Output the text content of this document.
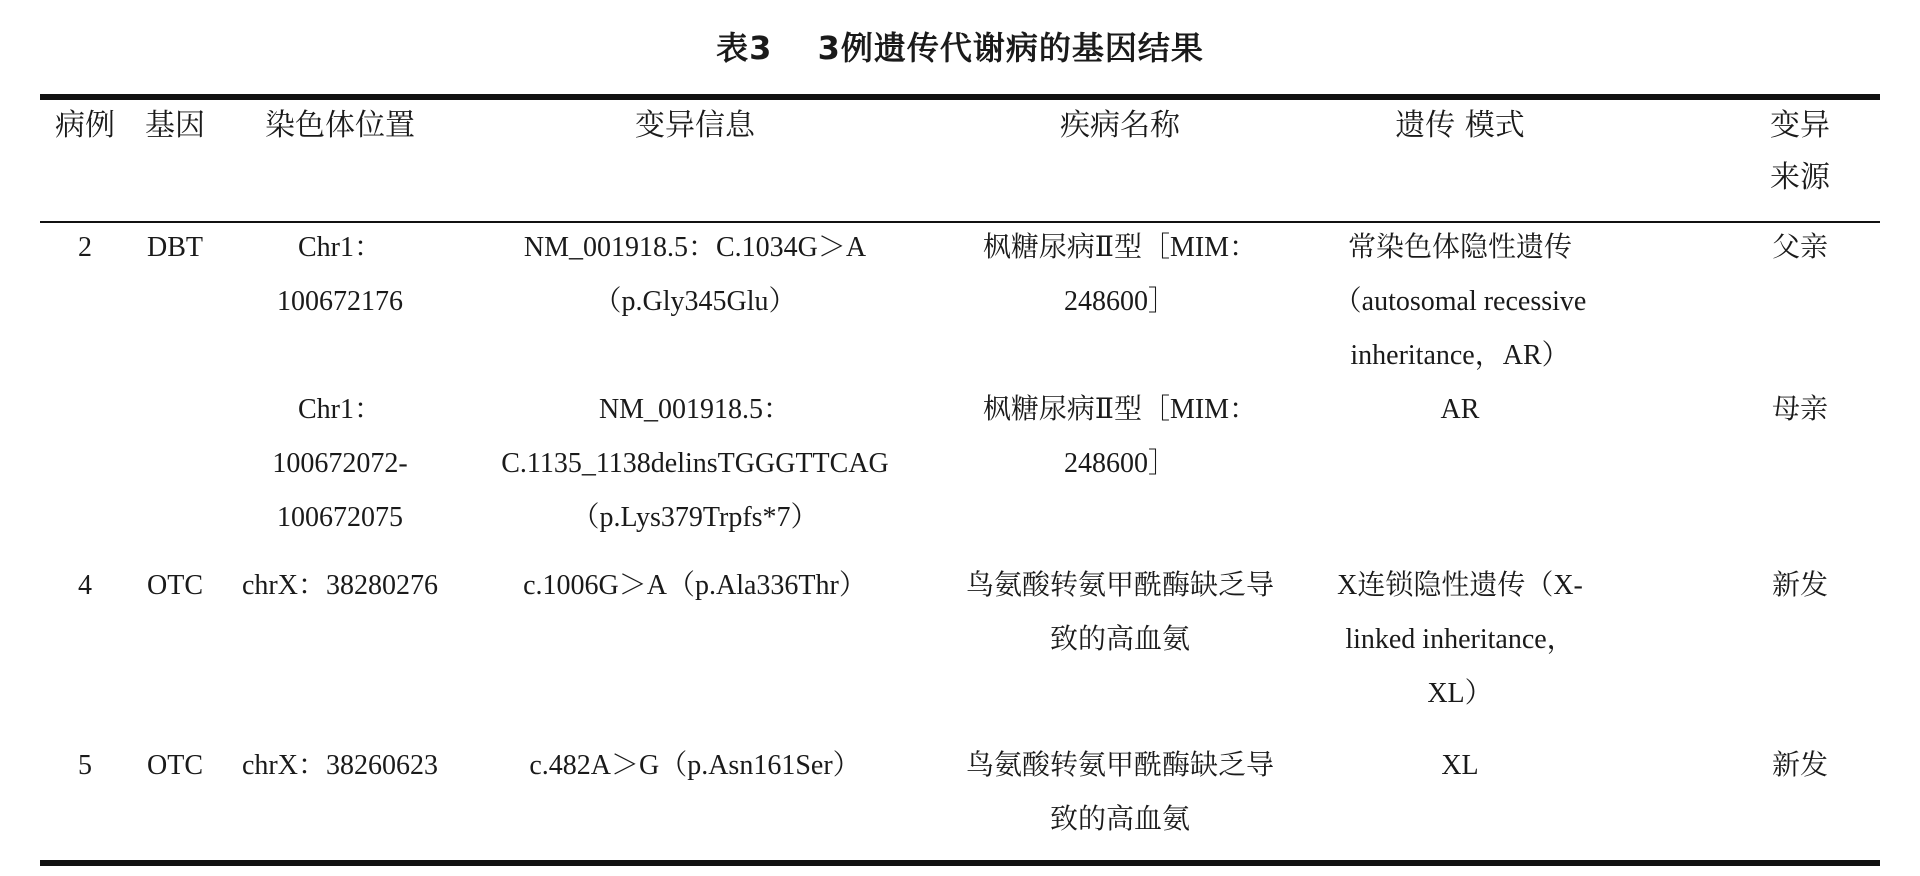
表3　 3例遗传代谢病的基因结果
病例	基因	染色体位置	变异信息	疾病名称	遗传 模式	变异来源
2	DBT	Chr1：100672176	NM_001918.5：C.1034G＞A（p.Gly345Glu）	枫糖尿病Ⅱ型［MIM：248600］	常染色体隐性遗传（autosomal recessive inheritance，AR）	父亲
		Chr1：100672072-100672075	NM_001918.5：C.1135_1138delinsTGGGTTCAG（p.Lys379Trpfs*7）	枫糖尿病Ⅱ型［MIM：248600］	AR	母亲
4	OTC	chrX：38280276	c.1006G＞A（p.Ala336Thr）	鸟氨酸转氨甲酰酶缺乏导致的高血氨	X连锁隐性遗传（X-linked inheritance，XL）	新发
5	OTC	chrX：38260623	c.482A＞G（p.Asn161Ser）	鸟氨酸转氨甲酰酶缺乏导致的高血氨	XL	新发
